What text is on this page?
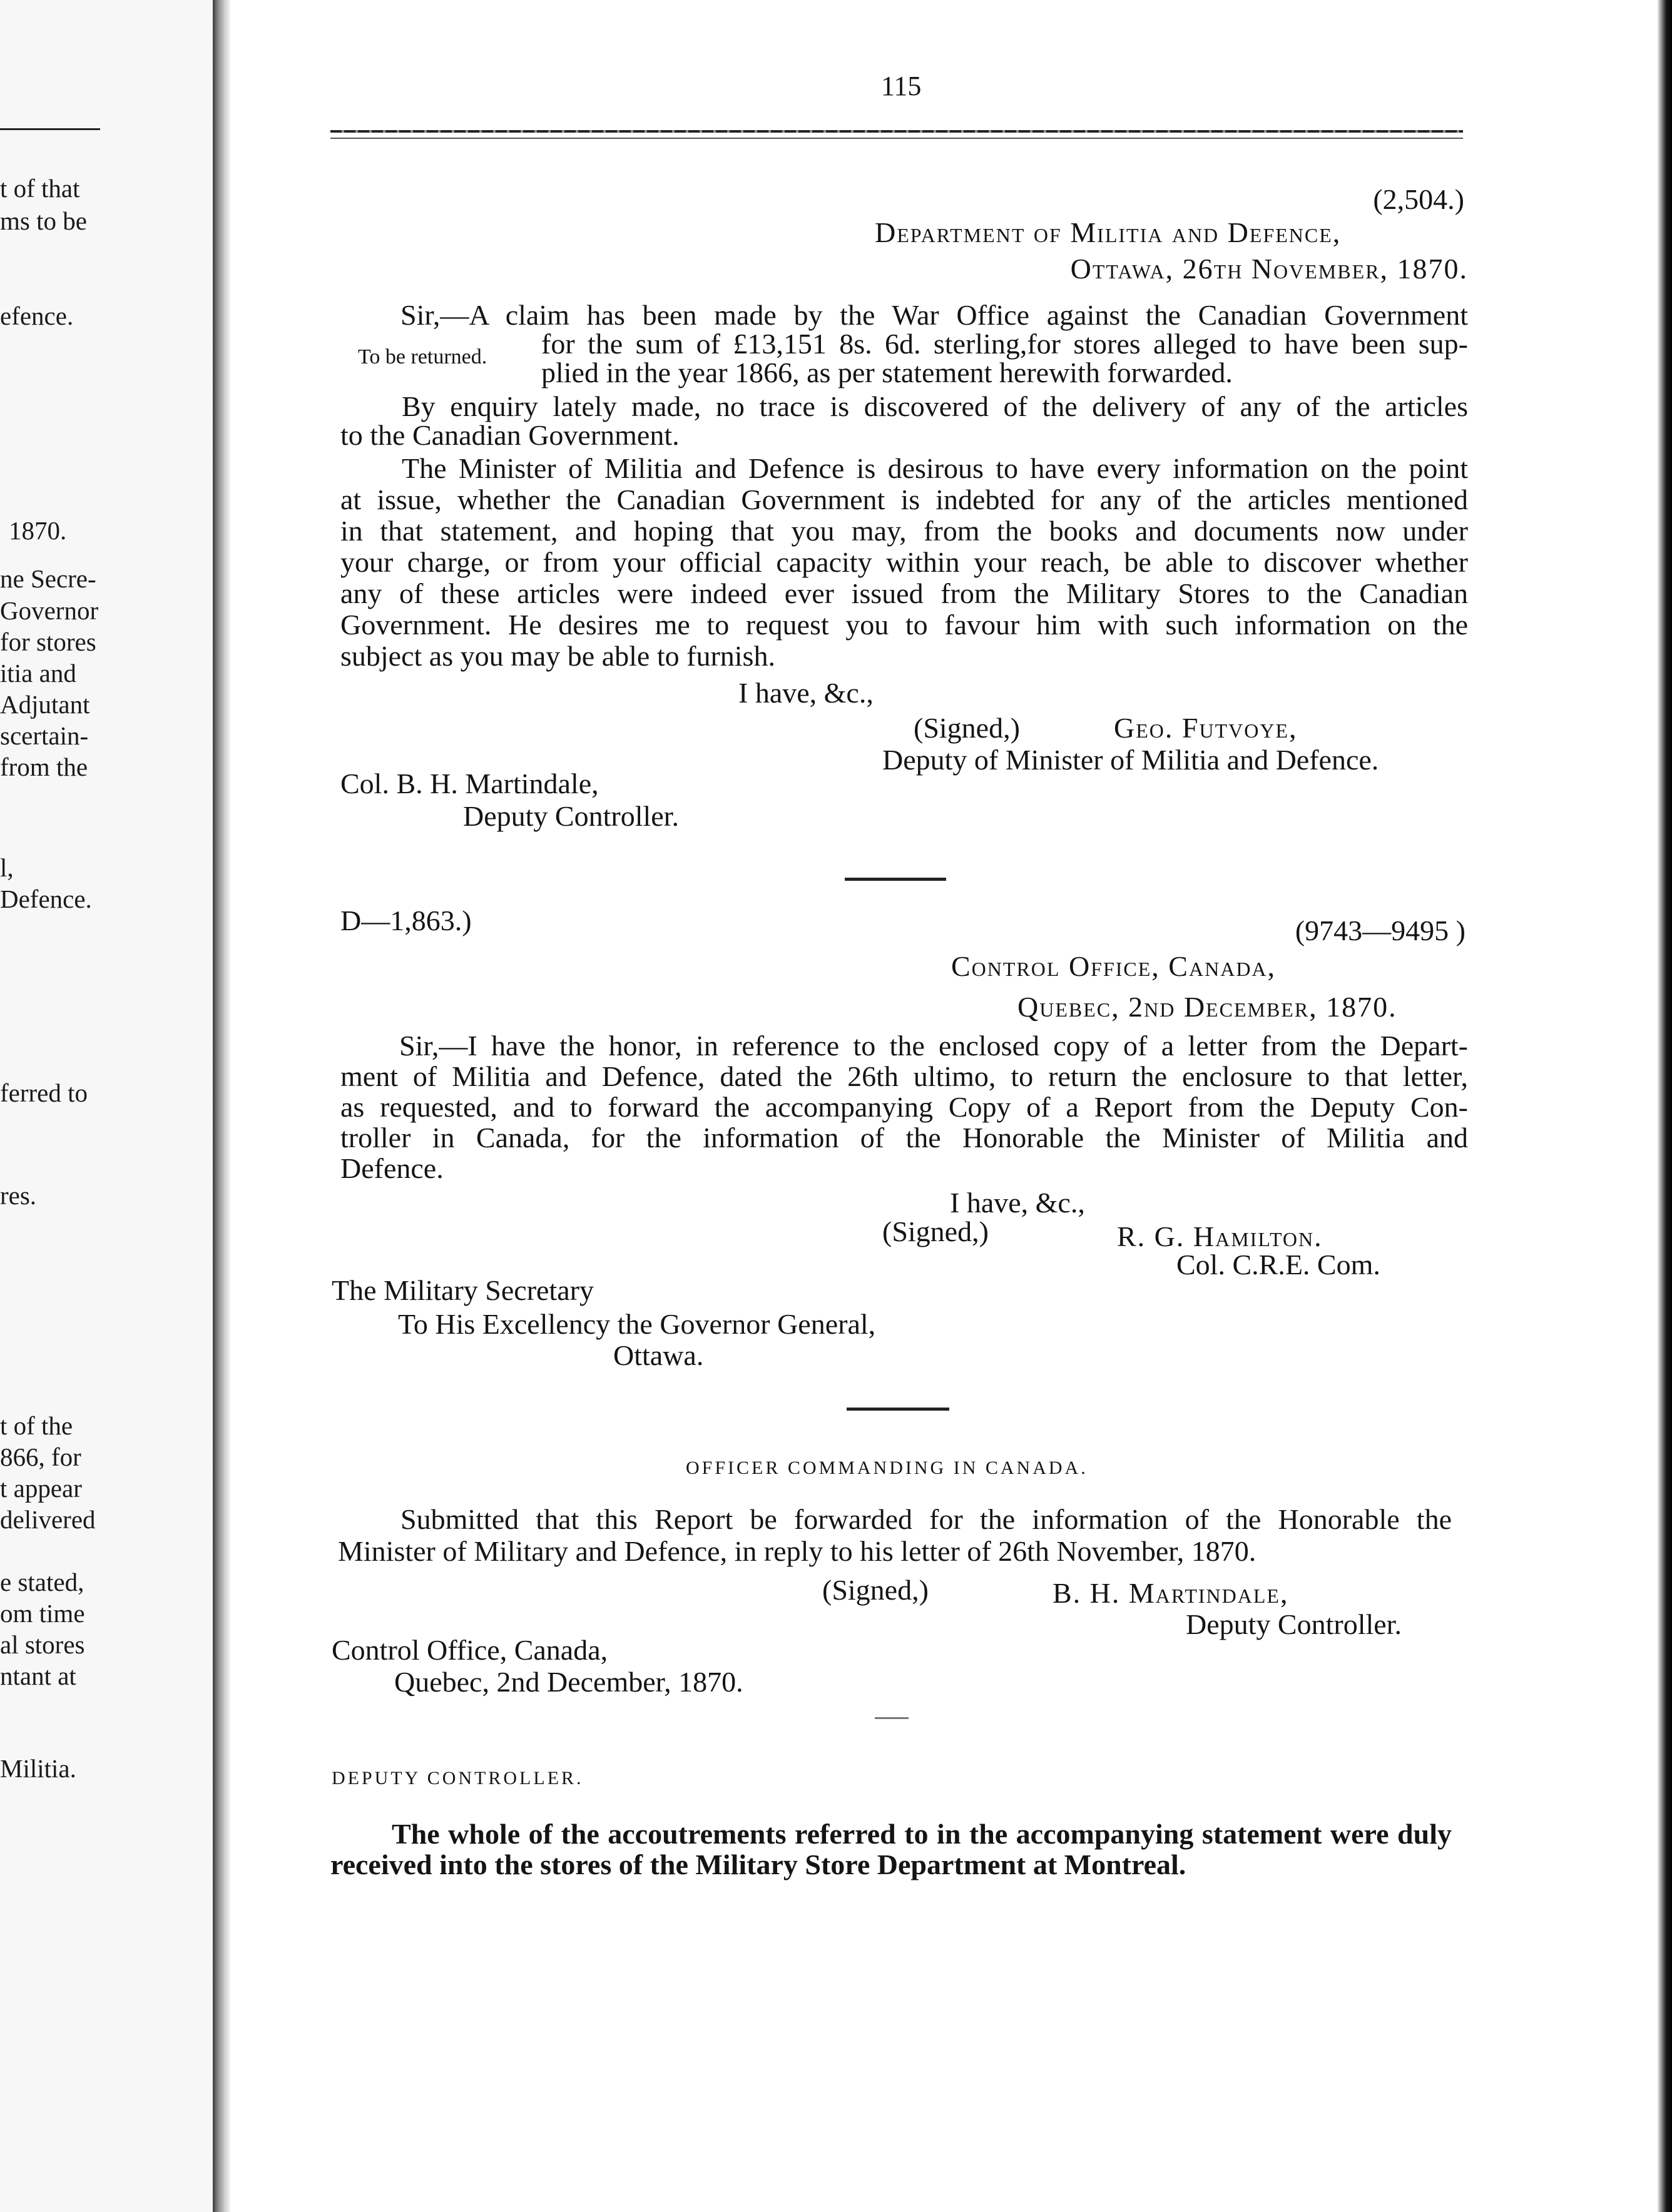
t of that
ms to be
efence.
1870.
ne Secre-
Governor
for stores
itia and
Adjutant
scertain-
from the
l,
Defence.
ferred to
res.
t of the
866, for
t appear
delivered
e stated,
om time
al stores
ntant at
Militia.
115
(2,504.)
Department of Militia and Defence,
Ottawa, 26th November, 1870.
To be returned.
Sir,—A claim has been made by the War Office against the Canadian Government
for the sum of £13,151 8s. 6d. sterling,for stores alleged to have been sup-
plied in the year 1866, as per statement herewith forwarded.
By enquiry lately made, no trace is discovered of the delivery of any of the articles
to the Canadian Government.
The Minister of Militia and Defence is desirous to have every information on the point
at issue, whether the Canadian Government is indebted for any of the articles mentioned
in that statement, and hoping that you may, from the books and documents now under
your charge, or from your official capacity within your reach, be able to discover whether
any of these articles were indeed ever issued from the Military Stores to the Canadian
Government. He desires me to request you to favour him with such information on the
subject as you may be able to furnish.
I have, &c.,
(Signed,)	Geo. Futvoye,
Deputy of Minister of Militia and Defence.
Col. B. H. Martindale,
Deputy Controller.
D—1,863.)	(9743—9495 )
Control Office, Canada,
Quebec, 2nd December, 1870.
Sir,—I have the honor, in reference to the enclosed copy of a letter from the Depart-
ment of Militia and Defence, dated the 26th ultimo, to return the enclosure to that letter,
as requested, and to forward the accompanying Copy of a Report from the Deputy Con-
troller in Canada, for the information of the Honorable the Minister of Militia and
Defence.
I have, &c.,
(Signed,)	R. G. Hamilton.
Col. C.R.E. Com.
The Military Secretary
To His Excellency the Governor General,
Ottawa.
OFFICER COMMANDING IN CANADA.
Submitted that this Report be forwarded for the information of the Honorable the
Minister of Military and Defence, in reply to his letter of 26th November, 1870.
(Signed,)	B. H. Martindale,
Deputy Controller.
Control Office, Canada,
Quebec, 2nd December, 1870.
DEPUTY CONTROLLER.
The whole of the accoutrements referred to in the accompanying statement were duly
received into the stores of the Military Store Department at Montreal.
